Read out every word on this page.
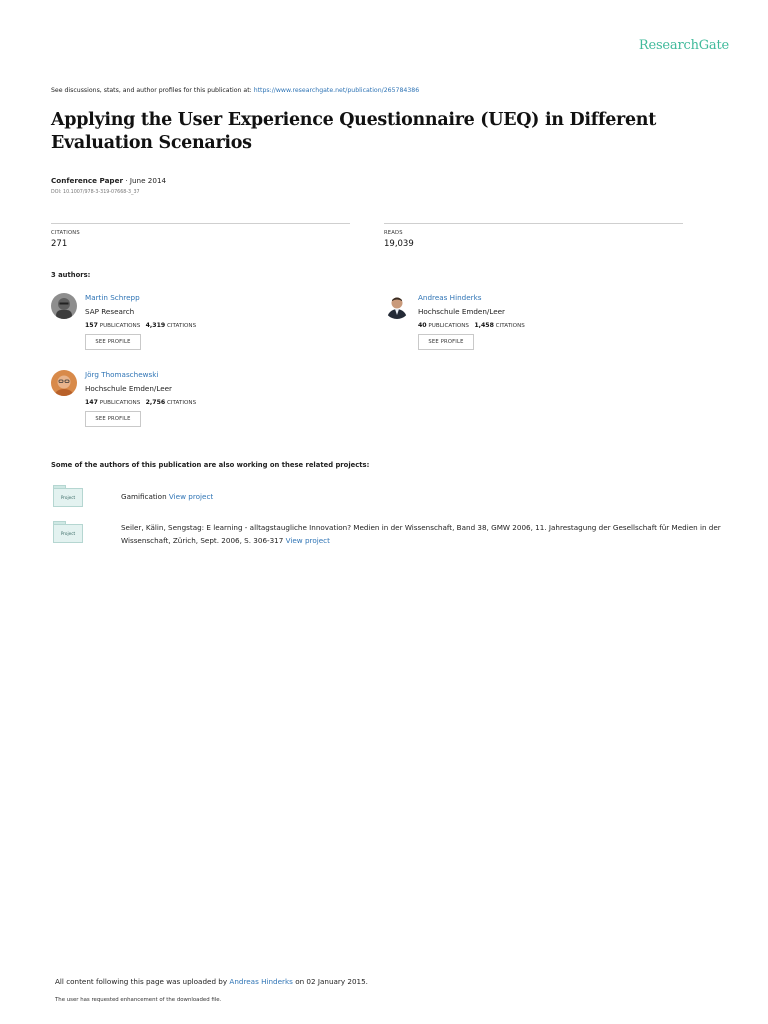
ResearchGate
See discussions, stats, and author profiles for this publication at: https://www.researchgate.net/publication/265784386
Applying the User Experience Questionnaire (UEQ) in Different Evaluation Scenarios
Conference Paper · June 2014
DOI: 10.1007/978-3-319-07668-3_37
CITATIONS
271
READS
19,039
3 authors:
Martin Schrepp
SAP Research
157 PUBLICATIONS 4,319 CITATIONS
SEE PROFILE
Andreas Hinderks
Hochschule Emden/Leer
40 PUBLICATIONS 1,458 CITATIONS
SEE PROFILE
Jörg Thomaschewski
Hochschule Emden/Leer
147 PUBLICATIONS 2,756 CITATIONS
SEE PROFILE
Some of the authors of this publication are also working on these related projects:
Project	Gamification View project
Project
Seiler, Kälin, Sengstag: E learning - alltagstaugliche Innovation? Medien in der Wissenschaft, Band 38, GMW 2006, 11. Jahrestagung der Gesellschaft für Medien in der Wissenschaft, Zürich, Sept. 2006, S. 306-317 View project
All content following this page was uploaded by Andreas Hinderks on 02 January 2015.
The user has requested enhancement of the downloaded file.
